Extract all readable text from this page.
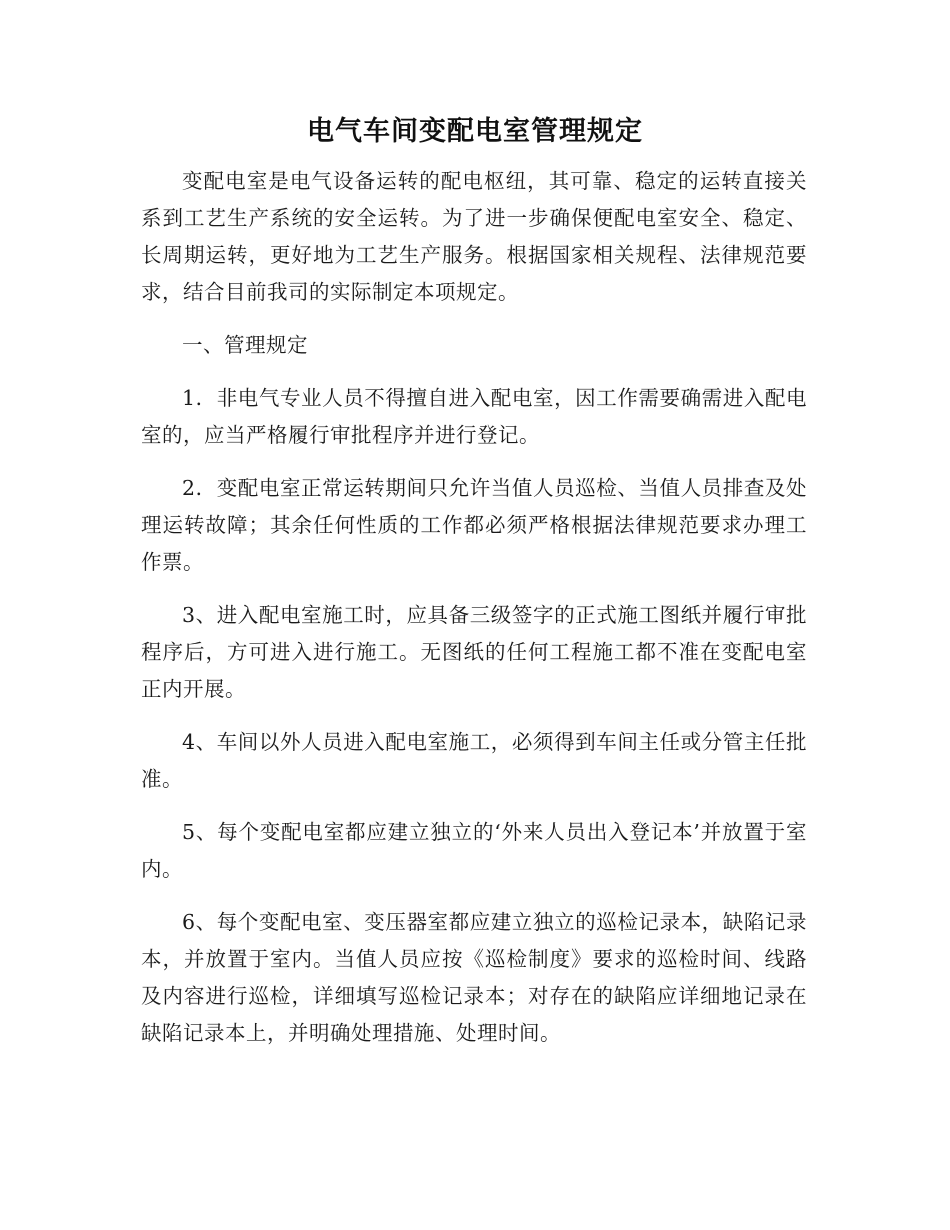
电气车间变配电室管理规定

变配电室是电气设备运转的配电枢纽，其可靠、稳定的运转直接关系到工艺生产系统的安全运转。为了进一步确保便配电室安全、稳定、长周期运转，更好地为工艺生产服务。根据国家相关规程、法律规范要求，结合目前我司的实际制定本项规定。

一、管理规定

1．非电气专业人员不得擅自进入配电室，因工作需要确需进入配电室的，应当严格履行审批程序并进行登记。

2．变配电室正常运转期间只允许当值人员巡检、当值人员排查及处理运转故障；其余任何性质的工作都必须严格根据法律规范要求办理工作票。

3、进入配电室施工时，应具备三级签字的正式施工图纸并履行审批程序后，方可进入进行施工。无图纸的任何工程施工都不准在变配电室正内开展。

4、车间以外人员进入配电室施工，必须得到车间主任或分管主任批准。

5、每个变配电室都应建立独立的‘外来人员出入登记本’并放置于室内。

6、每个变配电室、变压器室都应建立独立的巡检记录本，缺陷记录本，并放置于室内。当值人员应按《巡检制度》要求的巡检时间、线路及内容进行巡检，详细填写巡检记录本；对存在的缺陷应详细地记录在缺陷记录本上，并明确处理措施、处理时间。
